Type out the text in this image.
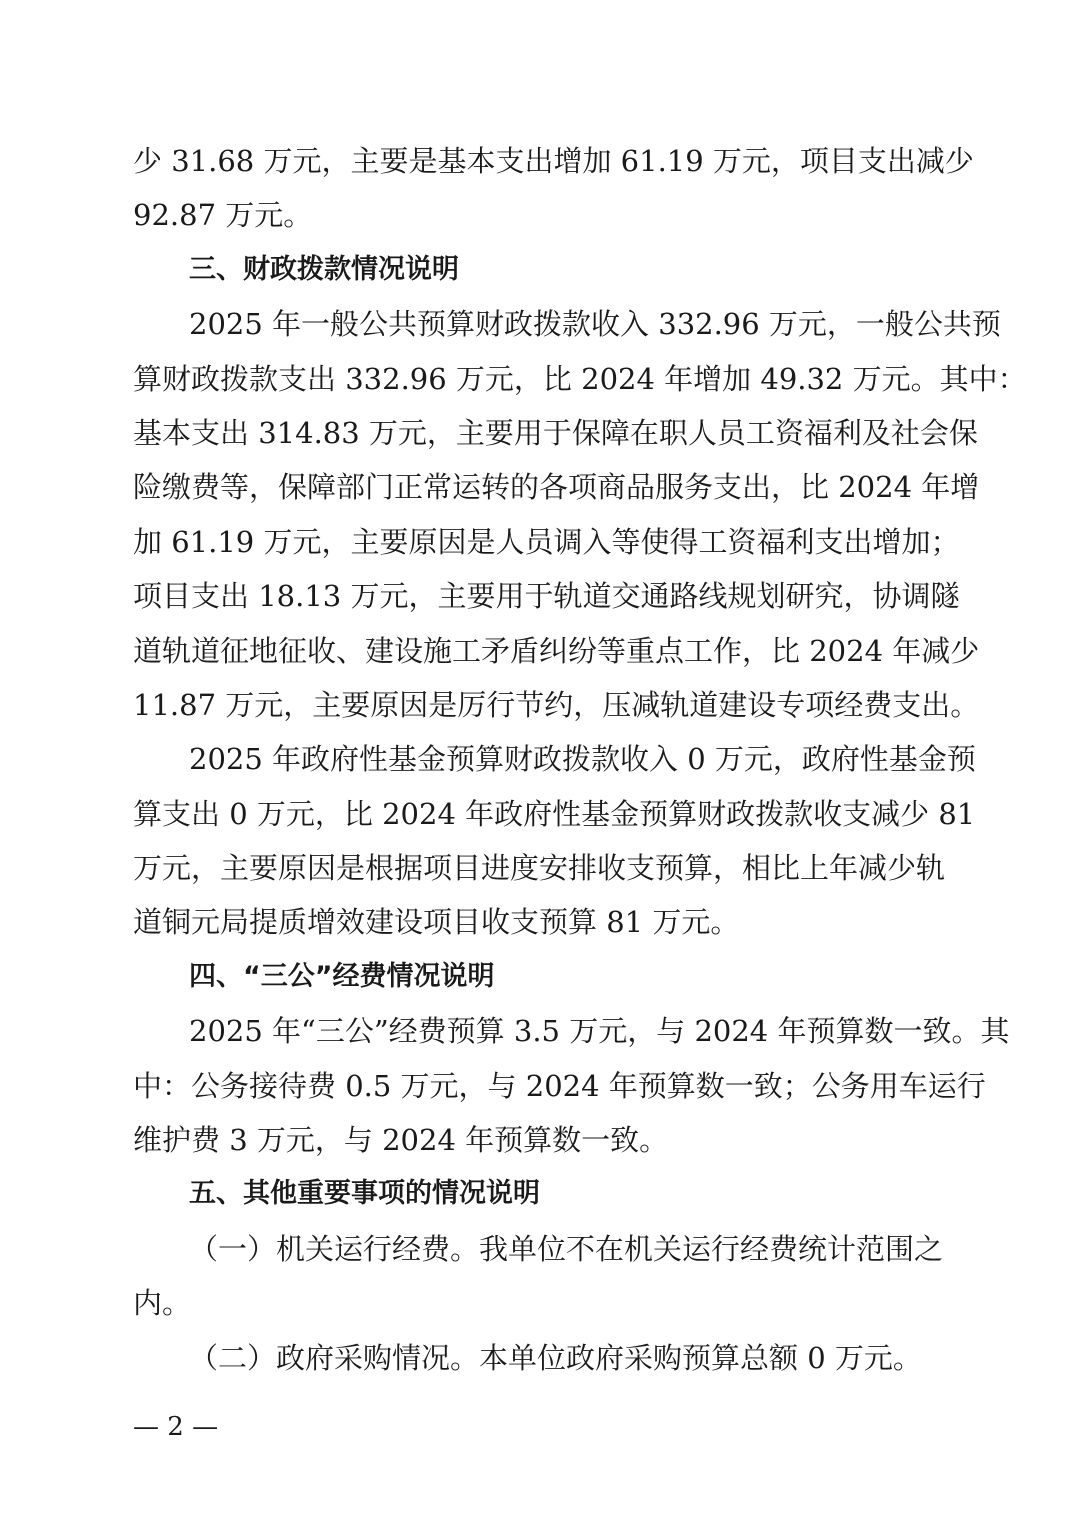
少 31.68 万元，主要是基本支出增加 61.19 万元，项目支出减少
92.87 万元。
三、财政拨款情况说明
2025 年一般公共预算财政拨款收入 332.96 万元，一般公共预
算财政拨款支出 332.96 万元，比 2024 年增加 49.32 万元。其中：
基本支出 314.83 万元，主要用于保障在职人员工资福利及社会保
险缴费等，保障部门正常运转的各项商品服务支出，比 2024 年增
加 61.19 万元，主要原因是人员调入等使得工资福利支出增加；
项目支出 18.13 万元，主要用于轨道交通路线规划研究，协调隧
道轨道征地征收、建设施工矛盾纠纷等重点工作，比 2024 年减少
11.87 万元，主要原因是厉行节约，压减轨道建设专项经费支出。
2025 年政府性基金预算财政拨款收入 0 万元，政府性基金预
算支出 0 万元，比 2024 年政府性基金预算财政拨款收支减少 81
万元，主要原因是根据项目进度安排收支预算，相比上年减少轨
道铜元局提质增效建设项目收支预算 81 万元。
四、“三公”经费情况说明
2025 年“三公”经费预算 3.5 万元，与 2024 年预算数一致。其
中：公务接待费 0.5 万元，与 2024 年预算数一致；公务用车运行
维护费 3 万元，与 2024 年预算数一致。
五、其他重要事项的情况说明
（一）机关运行经费。我单位不在机关运行经费统计范围之
内。
（二）政府采购情况。本单位政府采购预算总额 0 万元。
— 2 —
